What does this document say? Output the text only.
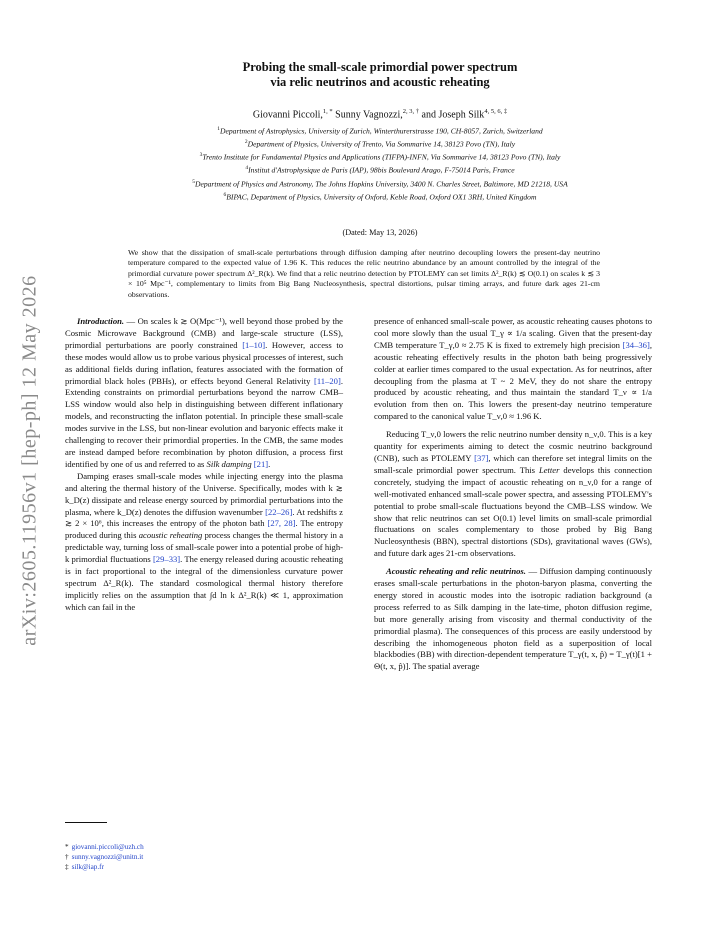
arXiv:2605.11956v1 [hep-ph] 12 May 2026
Probing the small-scale primordial power spectrum
via relic neutrinos and acoustic reheating
Giovanni Piccoli,$^{1, *}$ Sunny Vagnozzi,$^{2, 3, \dagger}$ and Joseph Silk$^{4, 5, 6, \ddagger}$
$^1$Department of Astrophysics, University of Zurich, Winterthurerstrasse 190, CH-8057, Zurich, Switzerland
$^2$Department of Physics, University of Trento, Via Sommarive 14, 38123 Povo (TN), Italy
$^3$Trento Institute for Fundamental Physics and Applications (TIFPA)-INFN, Via Sommarive 14, 38123 Povo (TN), Italy
$^4$Institut d'Astrophysique de Paris (IAP), 98bis Boulevard Arago, F-75014 Paris, France
$^5$Department of Physics and Astronomy, The Johns Hopkins University, 3400 N. Charles Street, Baltimore, MD 21218, USA
$^6$BIPAC, Department of Physics, University of Oxford, Keble Road, Oxford OX1 3RH, United Kingdom
(Dated: May 13, 2026)
We show that the dissipation of small-scale perturbations through diffusion damping after neutrino decoupling lowers the present-day neutrino temperature compared to the expected value of 1.96 K. This reduces the relic neutrino abundance by an amount controlled by the integral of the primordial curvature power spectrum Δ²_R(k). We find that a relic neutrino detection by PTOLEMY can set limits Δ²_R(k) ≲ O(0.1) on scales k ≲ 3 × 10⁵ Mpc⁻¹, complementary to limits from Big Bang Nucleosynthesis, spectral distortions, pulsar timing arrays, and future dark ages 21-cm observations.

Introduction. — On scales k ≳ O(Mpc⁻¹), well beyond those probed by the Cosmic Microwave Background (CMB) and large-scale structure (LSS), primordial perturbations are poorly constrained [1–10]. However, access to these modes would allow us to probe various physical processes of interest, such as additional fields during inflation, features associated with the formation of primordial black holes (PBHs), or effects beyond General Relativity [11–20]. Extending constraints on primordial perturbations beyond the narrow CMB–LSS window would also help in distinguishing between different inflationary models, and reconstructing the inflaton potential. In principle these small-scale modes survive in the LSS, but non-linear evolution and baryonic effects make it challenging to recover their primordial properties. In the CMB, the same modes are instead damped before recombination by photon diffusion, a process first identified by one of us and referred to as Silk damping [21].

Damping erases small-scale modes while injecting energy into the plasma and altering the thermal history of the Universe. Specifically, modes with k ≳ k_D(z) dissipate and release energy sourced by primordial perturbations into the plasma, where k_D(z) denotes the diffusion wavenumber [22–26]. At redshifts z ≳ 2 × 10⁶, this increases the entropy of the photon bath [27, 28]. The entropy produced during this acoustic reheating process changes the thermal history in a predictable way, turning loss of small-scale power into a potential probe of high-k primordial fluctuations [29–33]. The energy released during acoustic reheating is in fact proportional to the integral of the dimensionless curvature power spectrum Δ²_R(k). The standard cosmological thermal history therefore implicitly relies on the assumption that ∫d ln k Δ²_R(k) ≪ 1, approximation which can fail in the

presence of enhanced small-scale power, as acoustic reheating causes photons to cool more slowly than the usual T_γ ∝ 1/a scaling. Given that the present-day CMB temperature T_γ,0 ≈ 2.75 K is fixed to extremely high precision [34–36], acoustic reheating effectively results in the photon bath being progressively colder at earlier times compared to the usual expectation. As for neutrinos, after decoupling from the plasma at T ~ 2 MeV, they do not share the entropy produced by acoustic reheating, and thus maintain the standard T_ν ∝ 1/a evolution from then on. This lowers the present-day neutrino temperature compared to the canonical value T_ν,0 ≈ 1.96 K.

Reducing T_ν,0 lowers the relic neutrino number density n_ν,0. This is a key quantity for experiments aiming to detect the cosmic neutrino background (CNB), such as PTOLEMY [37], which can therefore set integral limits on the small-scale primordial power spectrum. This Letter develops this connection concretely, studying the impact of acoustic reheating on n_ν,0 for a range of well-motivated enhanced small-scale power spectra, and assessing PTOLEMY's potential to probe small-scale fluctuations beyond the CMB–LSS window. We show that relic neutrinos can set O(0.1) level limits on small-scale primordial fluctuations on scales complementary to those probed by Big Bang Nucleosynthesis (BBN), spectral distortions (SDs), gravitational waves (GWs), and future dark ages 21-cm observations.

Acoustic reheating and relic neutrinos. — Diffusion damping continuously erases small-scale perturbations in the photon-baryon plasma, converting the energy stored in acoustic modes into the isotropic radiation background (a process referred to as Silk damping in the late-time, photon diffusion regime, but more generally arising from viscosity and thermal conductivity of the primordial plasma). The consequences of this process are easily understood by describing the inhomogeneous photon field as a superposition of local blackbodies (BB) with direction-dependent temperature T_γ(t, x, p̂) = T_γ(t)[1 + Θ(t, x, p̂)]. The spatial average

* giovanni.piccoli@uzh.ch
† sunny.vagnozzi@unitn.it
‡ silk@iap.fr
